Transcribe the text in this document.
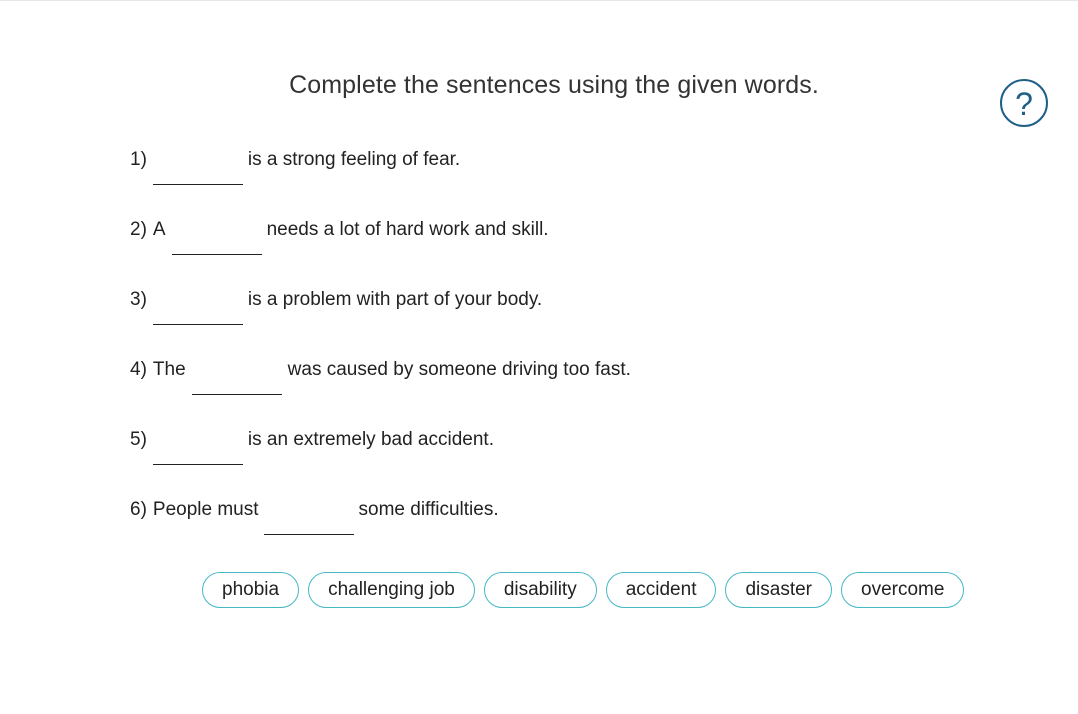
Complete the sentences using the given words.
?
1)	is a strong feeling of fear.
2) A	needs a lot of hard work and skill.
3)	is a problem with part of your body.
4) The	was caused by someone driving too fast.
5)	is an extremely bad accident.
6) People must	some difficulties.
phobia	challenging job	disability	accident	disaster	overcome
